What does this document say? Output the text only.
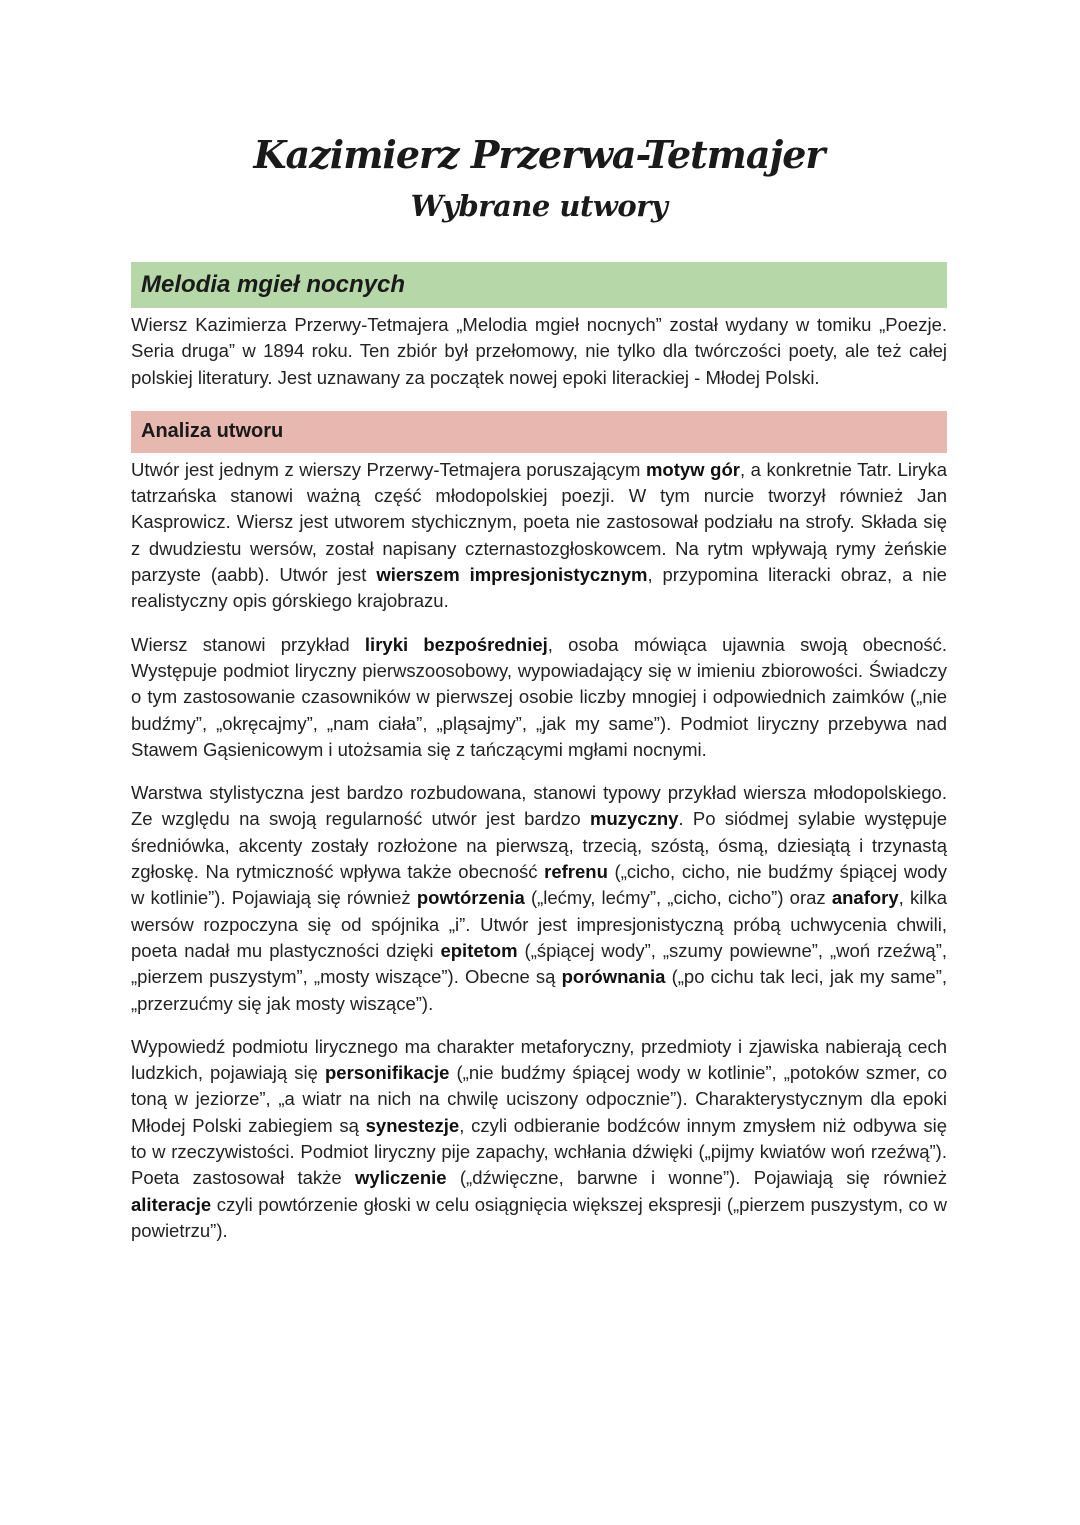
Kazimierz Przerwa-Tetmajer
Wybrane utwory
Melodia mgieł nocnych

Wiersz Kazimierza Przerwy-Tetmajera „Melodia mgieł nocnych” został wydany w tomiku „Poezje. Seria druga” w 1894 roku. Ten zbiór był przełomowy, nie tylko dla twórczości poety, ale też całej polskiej literatury. Jest uznawany za początek nowej epoki literackiej - Młodej Polski.

Analiza utworu

Utwór jest jednym z wierszy Przerwy-Tetmajera poruszającym motyw gór, a konkretnie Tatr. Liryka tatrzańska stanowi ważną część młodopolskiej poezji. W tym nurcie tworzył również Jan Kasprowicz. Wiersz jest utworem stychicznym, poeta nie zastosował podziału na strofy. Składa się z dwudziestu wersów, został napisany czternastozgłoskowcem. Na rytm wpływają rymy żeńskie parzyste (aabb). Utwór jest wierszem impresjonistycznym, przypomina literacki obraz, a nie realistyczny opis górskiego krajobrazu.

Wiersz stanowi przykład liryki bezpośredniej, osoba mówiąca ujawnia swoją obecność. Występuje podmiot liryczny pierwszoosobowy, wypowiadający się w imieniu zbiorowości. Świadczy o tym zastosowanie czasowników w pierwszej osobie liczby mnogiej i odpowiednich zaimków („nie budźmy”, „okręcajmy”, „nam ciała”, „pląsajmy”, „jak my same”). Podmiot liryczny przebywa nad Stawem Gąsienicowym i utożsamia się z tańczącymi mgłami nocnymi.

Warstwa stylistyczna jest bardzo rozbudowana, stanowi typowy przykład wiersza młodopolskiego. Ze względu na swoją regularność utwór jest bardzo muzyczny. Po siódmej sylabie występuje średniówka, akcenty zostały rozłożone na pierwszą, trzecią, szóstą, ósmą, dziesiątą i trzynastą zgłoskę. Na rytmiczność wpływa także obecność refrenu („cicho, cicho, nie budźmy śpiącej wody w kotlinie”). Pojawiają się również powtórzenia („lećmy, lećmy”, „cicho, cicho”) oraz anafory, kilka wersów rozpoczyna się od spójnika „i”. Utwór jest impresjonistyczną próbą uchwycenia chwili, poeta nadał mu plastyczności dzięki epitetom („śpiącej wody”, „szumy powiewne”, „woń rzeźwą”, „pierzem puszystym”, „mosty wiszące”). Obecne są porównania („po cichu tak leci, jak my same”, „przerzućmy się jak mosty wiszące”).

Wypowiedź podmiotu lirycznego ma charakter metaforyczny, przedmioty i zjawiska nabierają cech ludzkich, pojawiają się personifikacje („nie budźmy śpiącej wody w kotlinie”, „potoków szmer, co toną w jeziorze”, „a wiatr na nich na chwilę uciszony odpocznie”). Charakterystycznym dla epoki Młodej Polski zabiegiem są synestezje, czyli odbieranie bodźców innym zmysłem niż odbywa się to w rzeczywistości. Podmiot liryczny pije zapachy, wchłania dźwięki („pijmy kwiatów woń rzeźwą”). Poeta zastosował także wyliczenie („dźwięczne, barwne i wonne”). Pojawiają się również aliteracje czyli powtórzenie głoski w celu osiągnięcia większej ekspresji („pierzem puszystym, co w powietrzu”).
